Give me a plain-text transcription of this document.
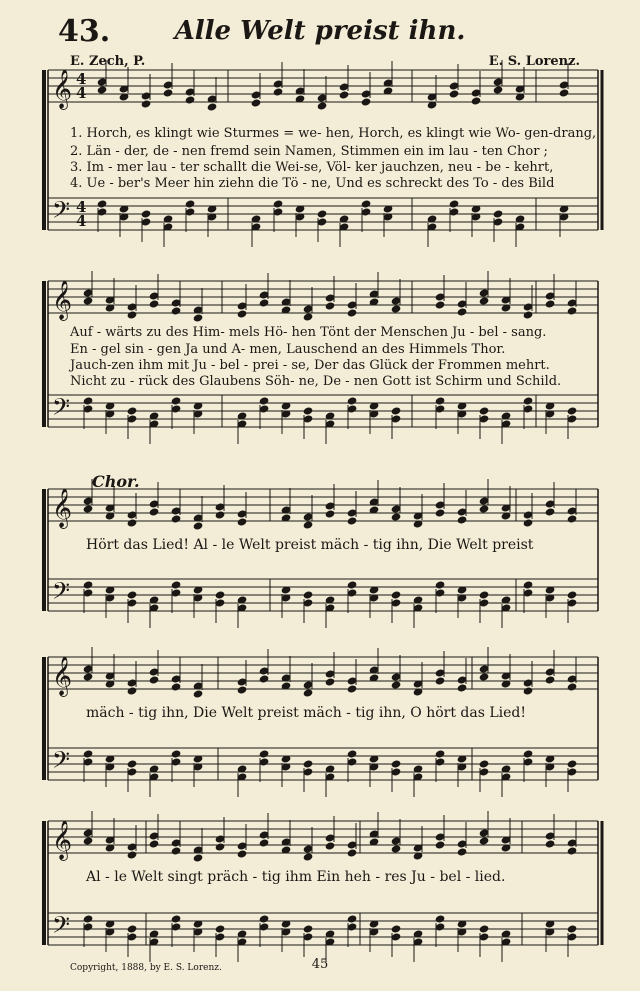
43.	Alle Welt preist ihn.
E. Zech, P.	E. S. Lorenz.
𝄞
𝄢
4
4
4
4
𝄞
𝄢
𝄞
𝄢
𝄞
𝄢
𝄞
𝄢
1. Horch, es klingt wie Sturmes = we- hen, Horch, es klingt wie Wo- gen-drang,
2. Län - der, de - nen fremd sein Namen, Stimmen ein im lau - ten Chor ;
3. Im - mer lau - ter schallt die Wei-se, Völ- ker jauchzen, neu - be - kehrt,
4. Ue - ber's Meer hin ziehn die Tö - ne, Und es schreckt des To - des Bild
Auf - wärts zu des Him- mels Hö- hen Tönt der Menschen Ju - bel - sang.
En - gel sin - gen Ja und A- men, Lauschend an des Himmels Thor.
Jauch-zen ihm mit Ju - bel - prei - se, Der das Glück der Frommen mehrt.
Nicht zu - rück des Glaubens Söh- ne, De - nen Gott ist Schirm und Schild.
Chor.
Hört das Lied! Al - le Welt preist mäch - tig ihn, Die Welt preist
mäch - tig ihn, Die Welt preist mäch - tig ihn, O hört das Lied!
Al - le Welt singt präch - tig ihm Ein heh - res Ju - bel - lied.
Copyright, 1888, by E. S. Lorenz.	45
